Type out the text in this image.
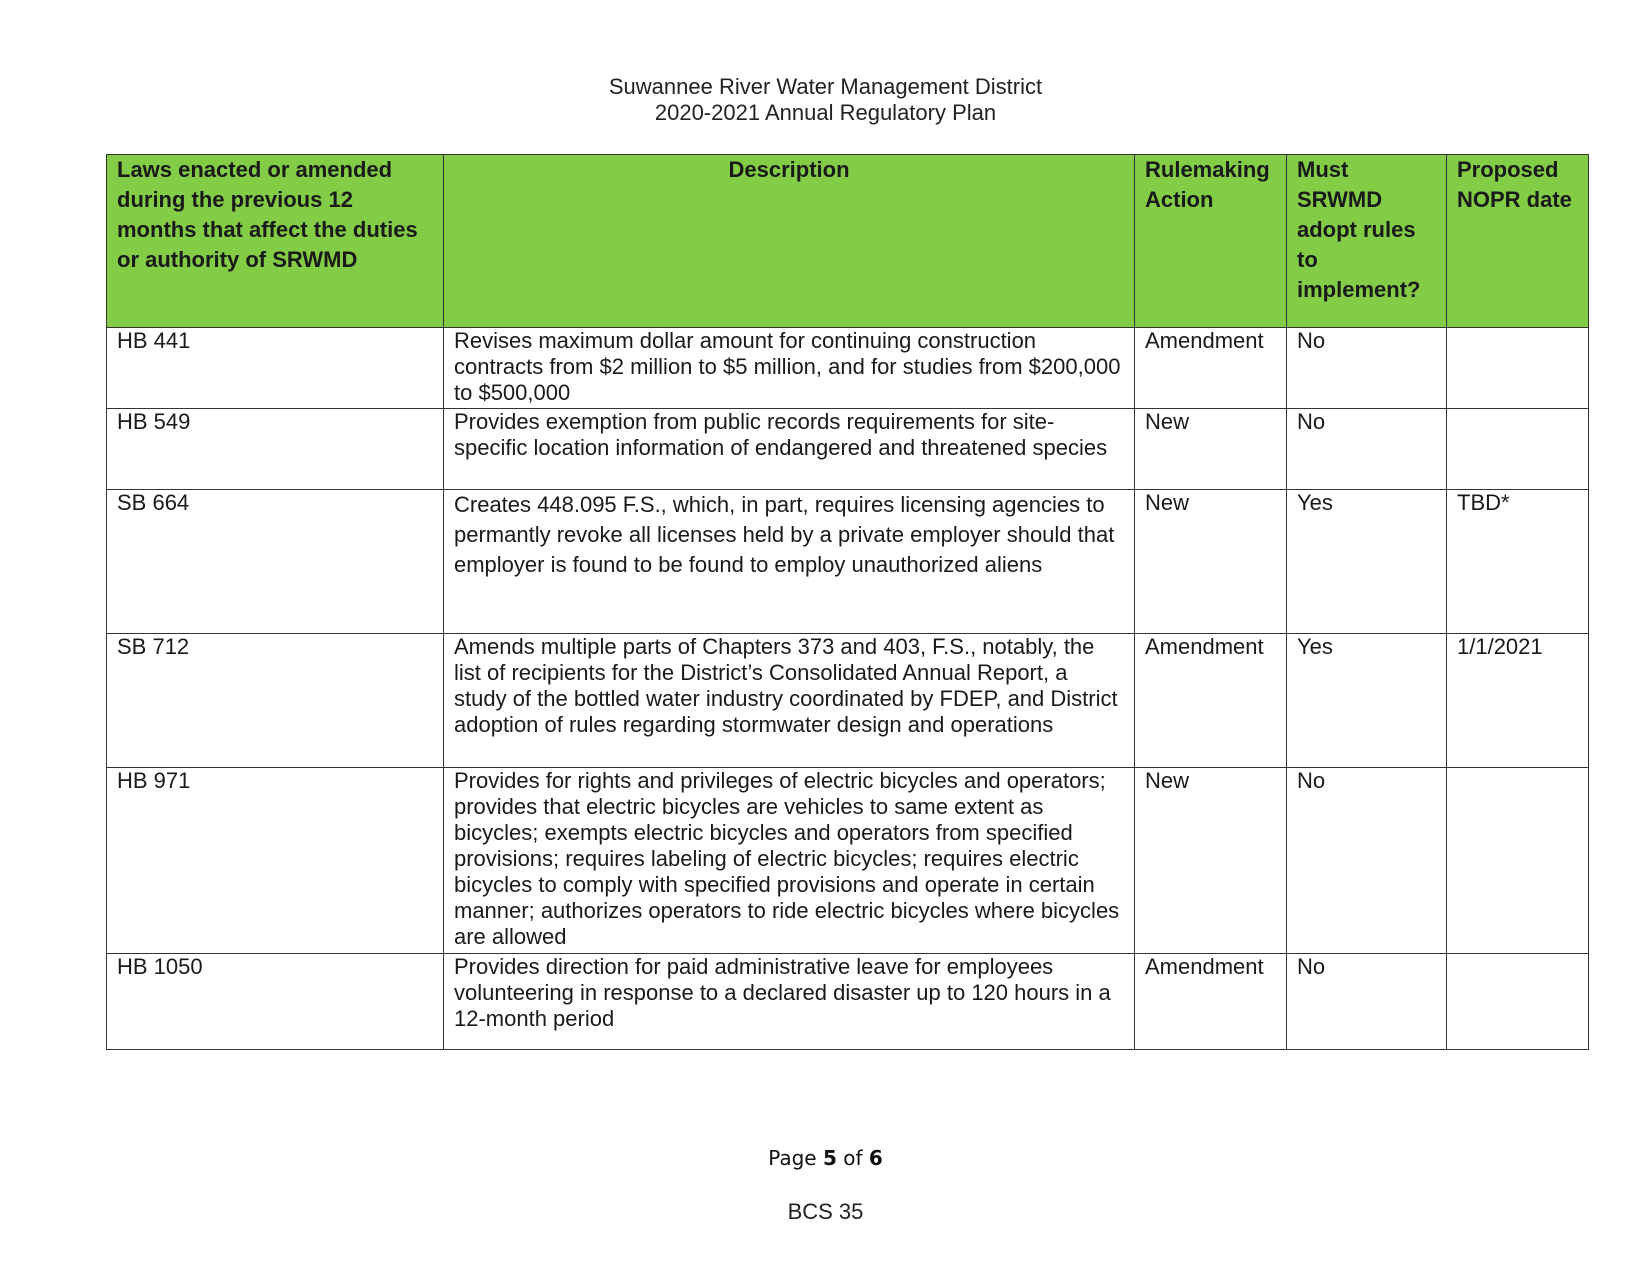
Suwannee River Water Management District
2020-2021 Annual Regulatory Plan
Laws enacted or amended during the previous 12 months that affect the duties or authority of SRWMD	Description	Rulemaking Action	Must SRWMD adopt rules to implement?	Proposed NOPR date
HB 441	Revises maximum dollar amount for continuing construction contracts from $2 million to $5 million, and for studies from $200,000 to $500,000	Amendment	No	
HB 549	Provides exemption from public records requirements for site-specific location information of endangered and threatened species	New	No	
SB 664	Creates 448.095 F.S., which, in part, requires licensing agencies to permantly revoke all licenses held by a private employer should that employer is found to be found to employ unauthorized aliens	New	Yes	TBD*
SB 712	Amends multiple parts of Chapters 373 and 403, F.S., notably, the list of recipients for the District’s Consolidated Annual Report, a study of the bottled water industry coordinated by FDEP, and District adoption of rules regarding stormwater design and operations	Amendment	Yes	1/1/2021
HB 971	Provides for rights and privileges of electric bicycles and operators; provides that electric bicycles are vehicles to same extent as bicycles; exempts electric bicycles and operators from specified provisions; requires labeling of electric bicycles; requires electric bicycles to comply with specified provisions and operate in certain manner; authorizes operators to ride electric bicycles where bicycles are allowed	New	No	
HB 1050	Provides direction for paid administrative leave for employees volunteering in response to a declared disaster up to 120 hours in a 12-month period	Amendment	No	
Page 5 of 6
BCS 35
